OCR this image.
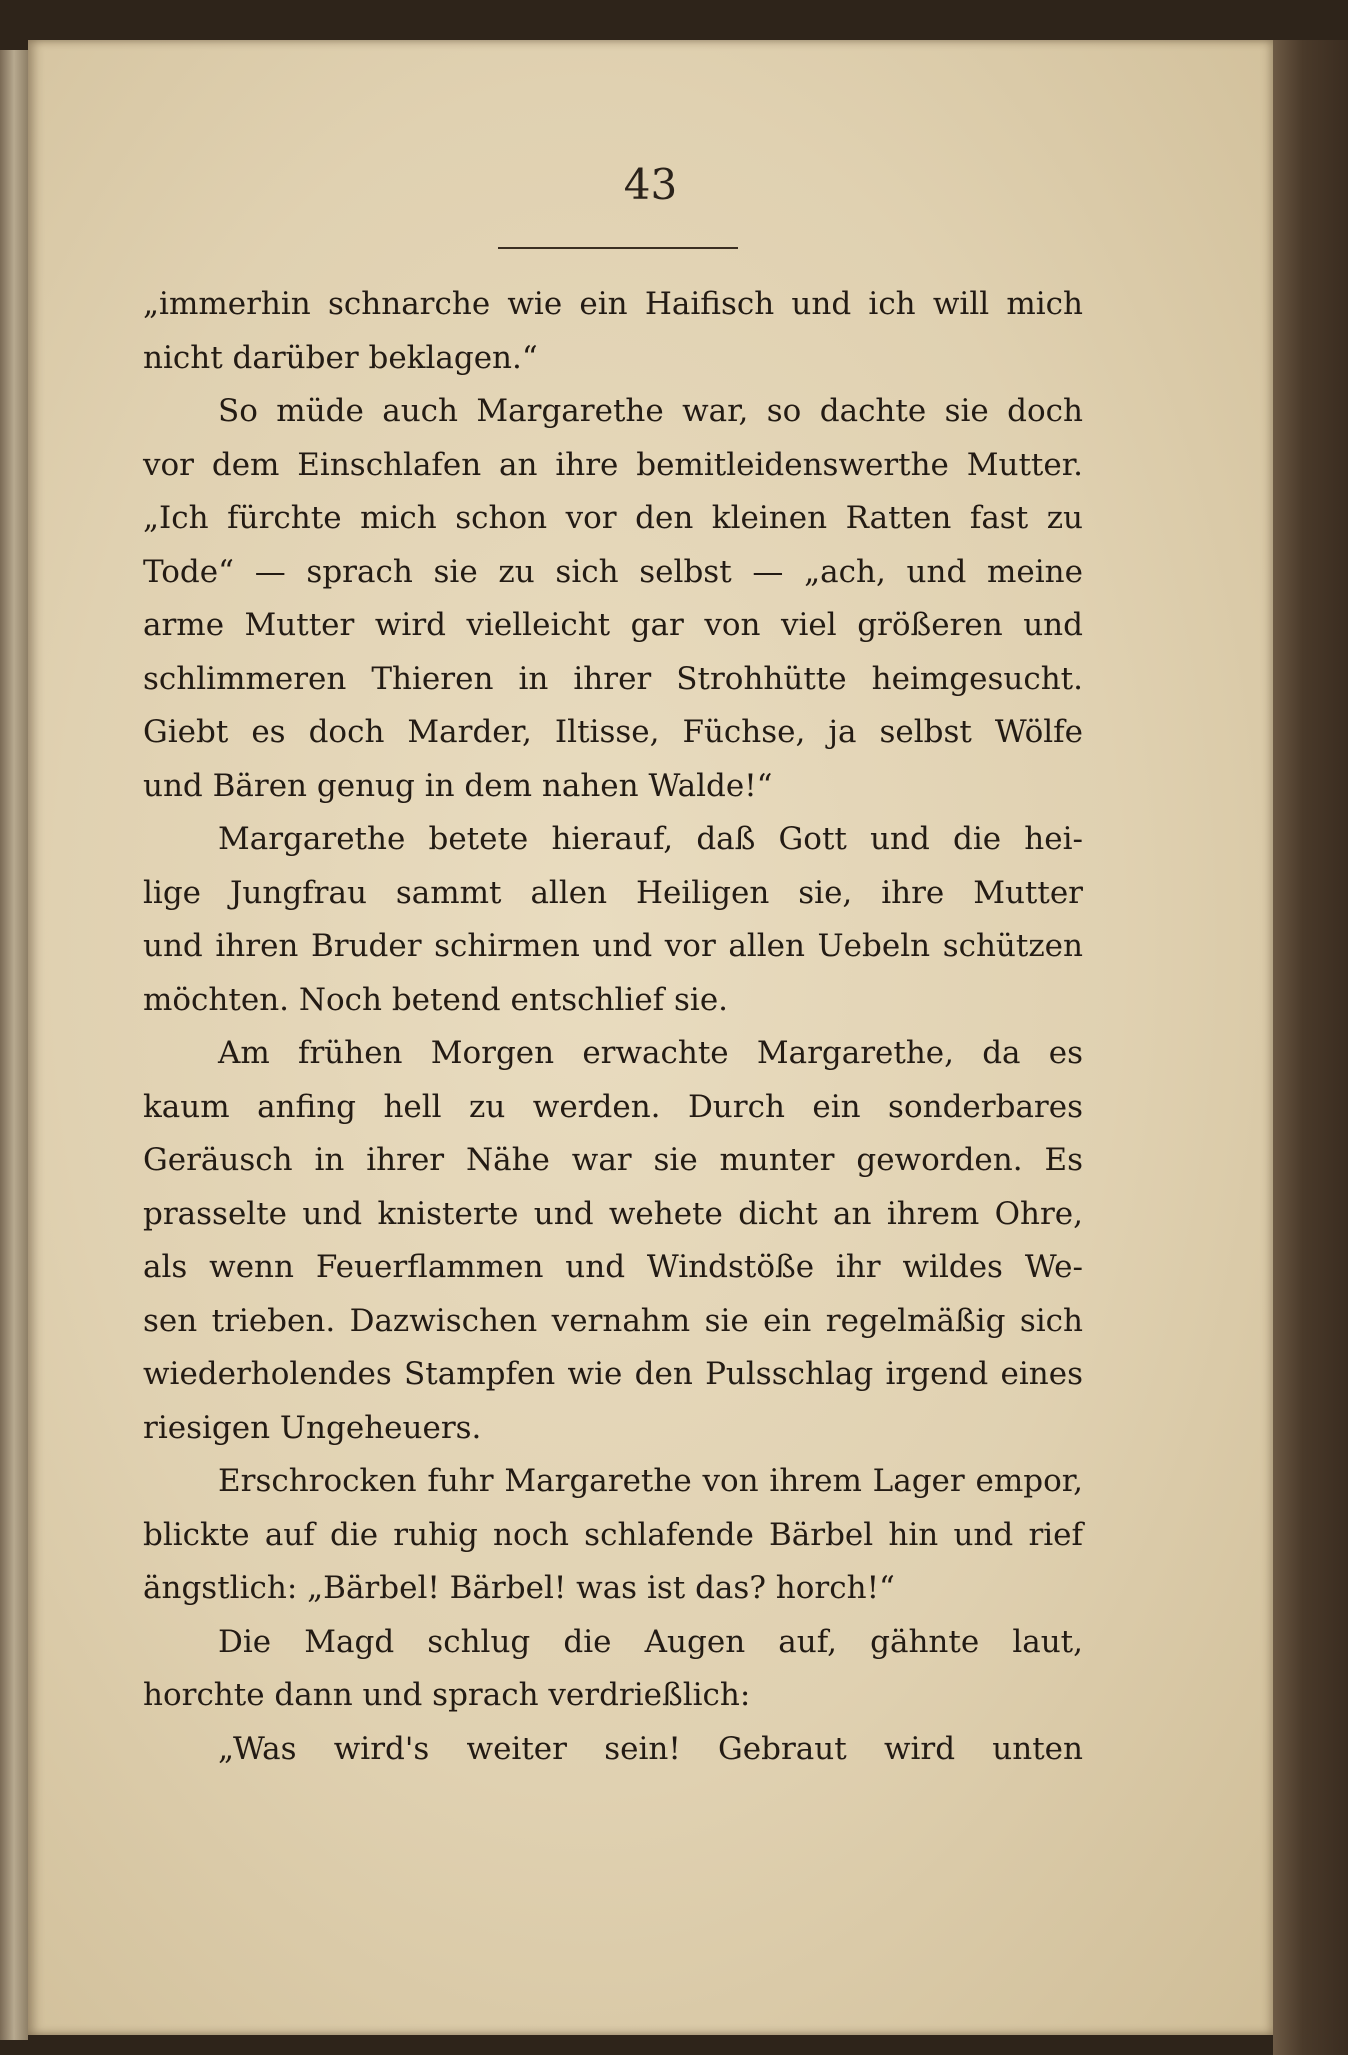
43
„immerhin schnarche wie ein Haifisch und ich will mich
nicht darüber beklagen.“
So müde auch Margarethe war, so dachte sie doch
vor dem Einschlafen an ihre bemitleidenswerthe Mutter.
„Ich fürchte mich schon vor den kleinen Ratten fast zu
Tode“ — sprach sie zu sich selbst — „ach, und meine
arme Mutter wird vielleicht gar von viel größeren und
schlimmeren Thieren in ihrer Strohhütte heimgesucht.
Giebt es doch Marder, Iltisse, Füchse, ja selbst Wölfe
und Bären genug in dem nahen Walde!“
Margarethe betete hierauf, daß Gott und die hei-
lige Jungfrau sammt allen Heiligen sie, ihre Mutter
und ihren Bruder schirmen und vor allen Uebeln schützen
möchten. Noch betend entschlief sie.
Am frühen Morgen erwachte Margarethe, da es
kaum anfing hell zu werden. Durch ein sonderbares
Geräusch in ihrer Nähe war sie munter geworden. Es
prasselte und knisterte und wehete dicht an ihrem Ohre,
als wenn Feuerflammen und Windstöße ihr wildes We-
sen trieben. Dazwischen vernahm sie ein regelmäßig sich
wiederholendes Stampfen wie den Pulsschlag irgend eines
riesigen Ungeheuers.
Erschrocken fuhr Margarethe von ihrem Lager empor,
blickte auf die ruhig noch schlafende Bärbel hin und rief
ängstlich: „Bärbel! Bärbel! was ist das? horch!“
Die Magd schlug die Augen auf, gähnte laut,
horchte dann und sprach verdrießlich:
„Was wird's weiter sein! Gebraut wird unten
